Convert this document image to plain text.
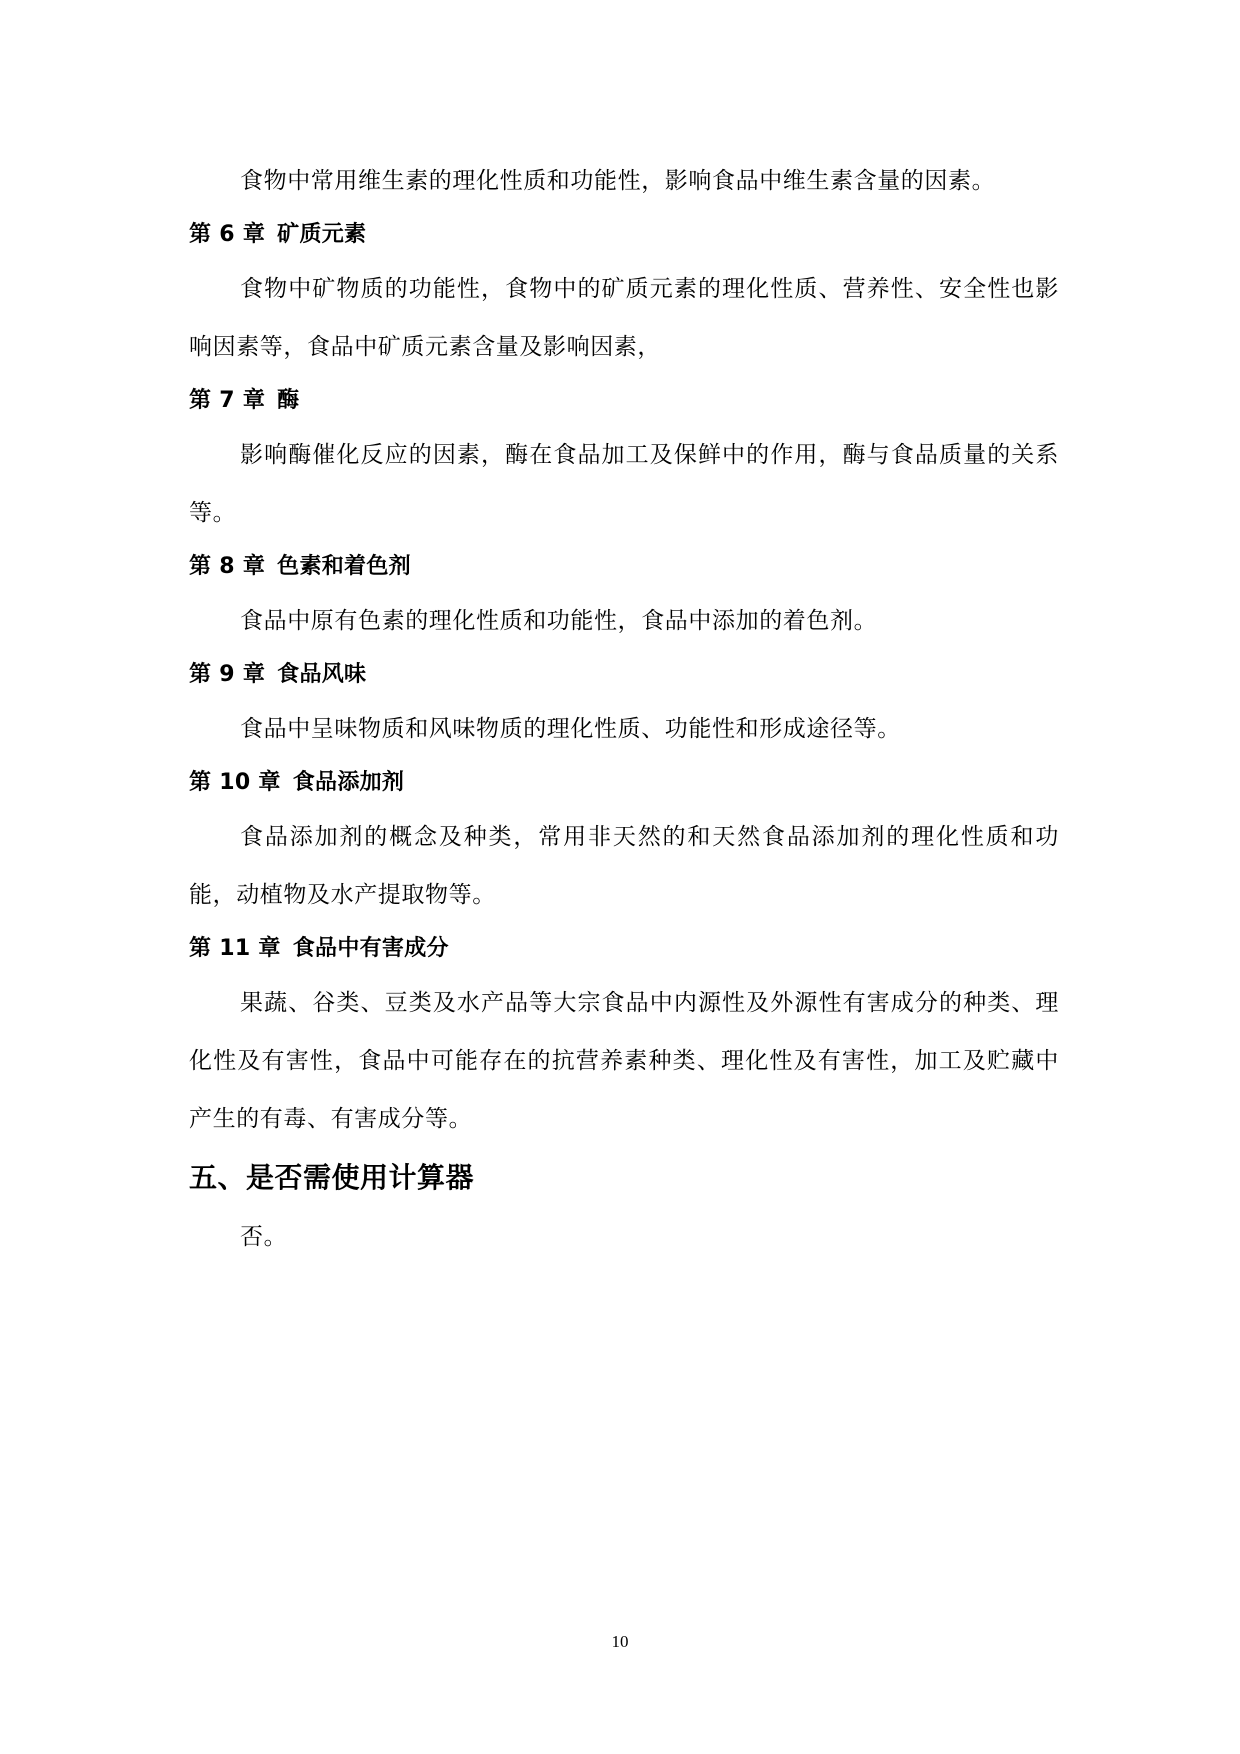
食物中常用维生素的理化性质和功能性，影响食品中维生素含量的因素。

第 6 章 矿质元素

食物中矿物质的功能性，食物中的矿质元素的理化性质、营养性、安全性也影响因素等，食品中矿质元素含量及影响因素，

第 7 章 酶

影响酶催化反应的因素，酶在食品加工及保鲜中的作用，酶与食品质量的关系等。

第 8 章 色素和着色剂

食品中原有色素的理化性质和功能性，食品中添加的着色剂。

第 9 章 食品风味

食品中呈味物质和风味物质的理化性质、功能性和形成途径等。

第 10 章 食品添加剂

食品添加剂的概念及种类，常用非天然的和天然食品添加剂的理化性质和功能，动植物及水产提取物等。

第 11 章 食品中有害成分

果蔬、谷类、豆类及水产品等大宗食品中内源性及外源性有害成分的种类、理化性及有害性，食品中可能存在的抗营养素种类、理化性及有害性，加工及贮藏中产生的有毒、有害成分等。

五、是否需使用计算器

否。

10
